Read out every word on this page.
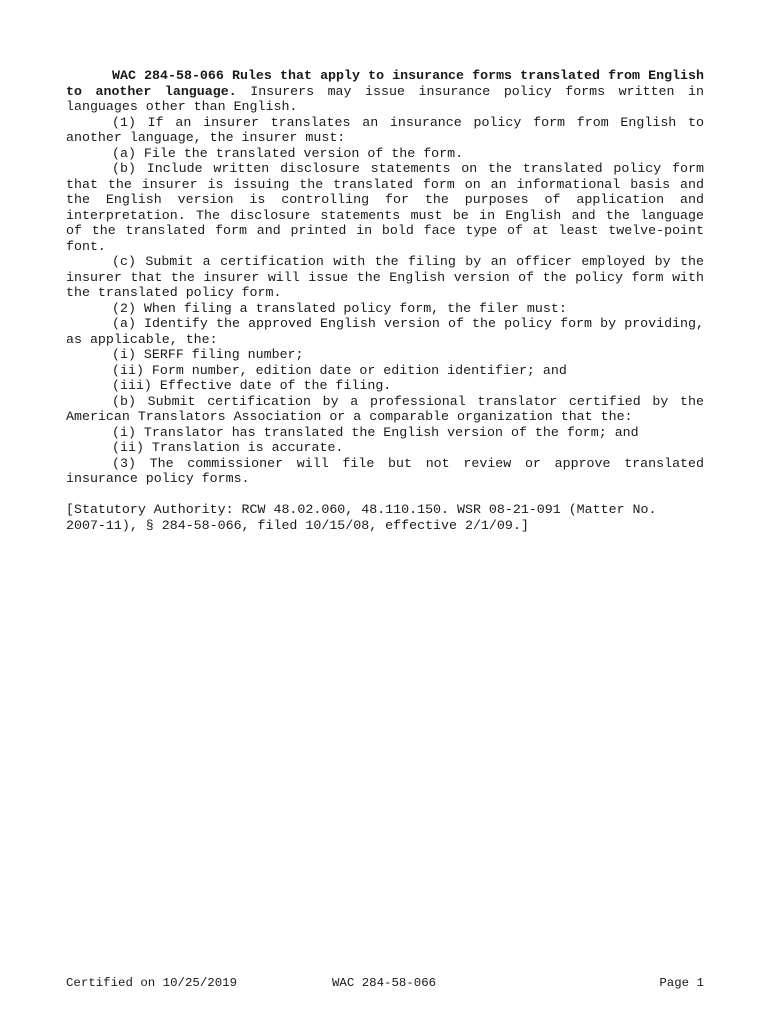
WAC 284-58-066 Rules that apply to insurance forms translated from English to another language. Insurers may issue insurance policy forms written in languages other than English.

(1) If an insurer translates an insurance policy form from English to another language, the insurer must:

(a) File the translated version of the form.

(b) Include written disclosure statements on the translated policy form that the insurer is issuing the translated form on an informational basis and the English version is controlling for the purposes of application and interpretation. The disclosure statements must be in English and the language of the translated form and printed in bold face type of at least twelve-point font.

(c) Submit a certification with the filing by an officer employed by the insurer that the insurer will issue the English version of the policy form with the translated policy form.

(2) When filing a translated policy form, the filer must:

(a) Identify the approved English version of the policy form by providing, as applicable, the:

(i) SERFF filing number;

(ii) Form number, edition date or edition identifier; and

(iii) Effective date of the filing.

(b) Submit certification by a professional translator certified by the American Translators Association or a comparable organization that the:

(i) Translator has translated the English version of the form; and

(ii) Translation is accurate.

(3) The commissioner will file but not review or approve translated insurance policy forms.

[Statutory Authority: RCW 48.02.060, 48.110.150. WSR 08-21-091 (Matter No. 2007-11), § 284-58-066, filed 10/15/08, effective 2/1/09.]

Certified on 10/25/2019	WAC 284-58-066	Page 1
